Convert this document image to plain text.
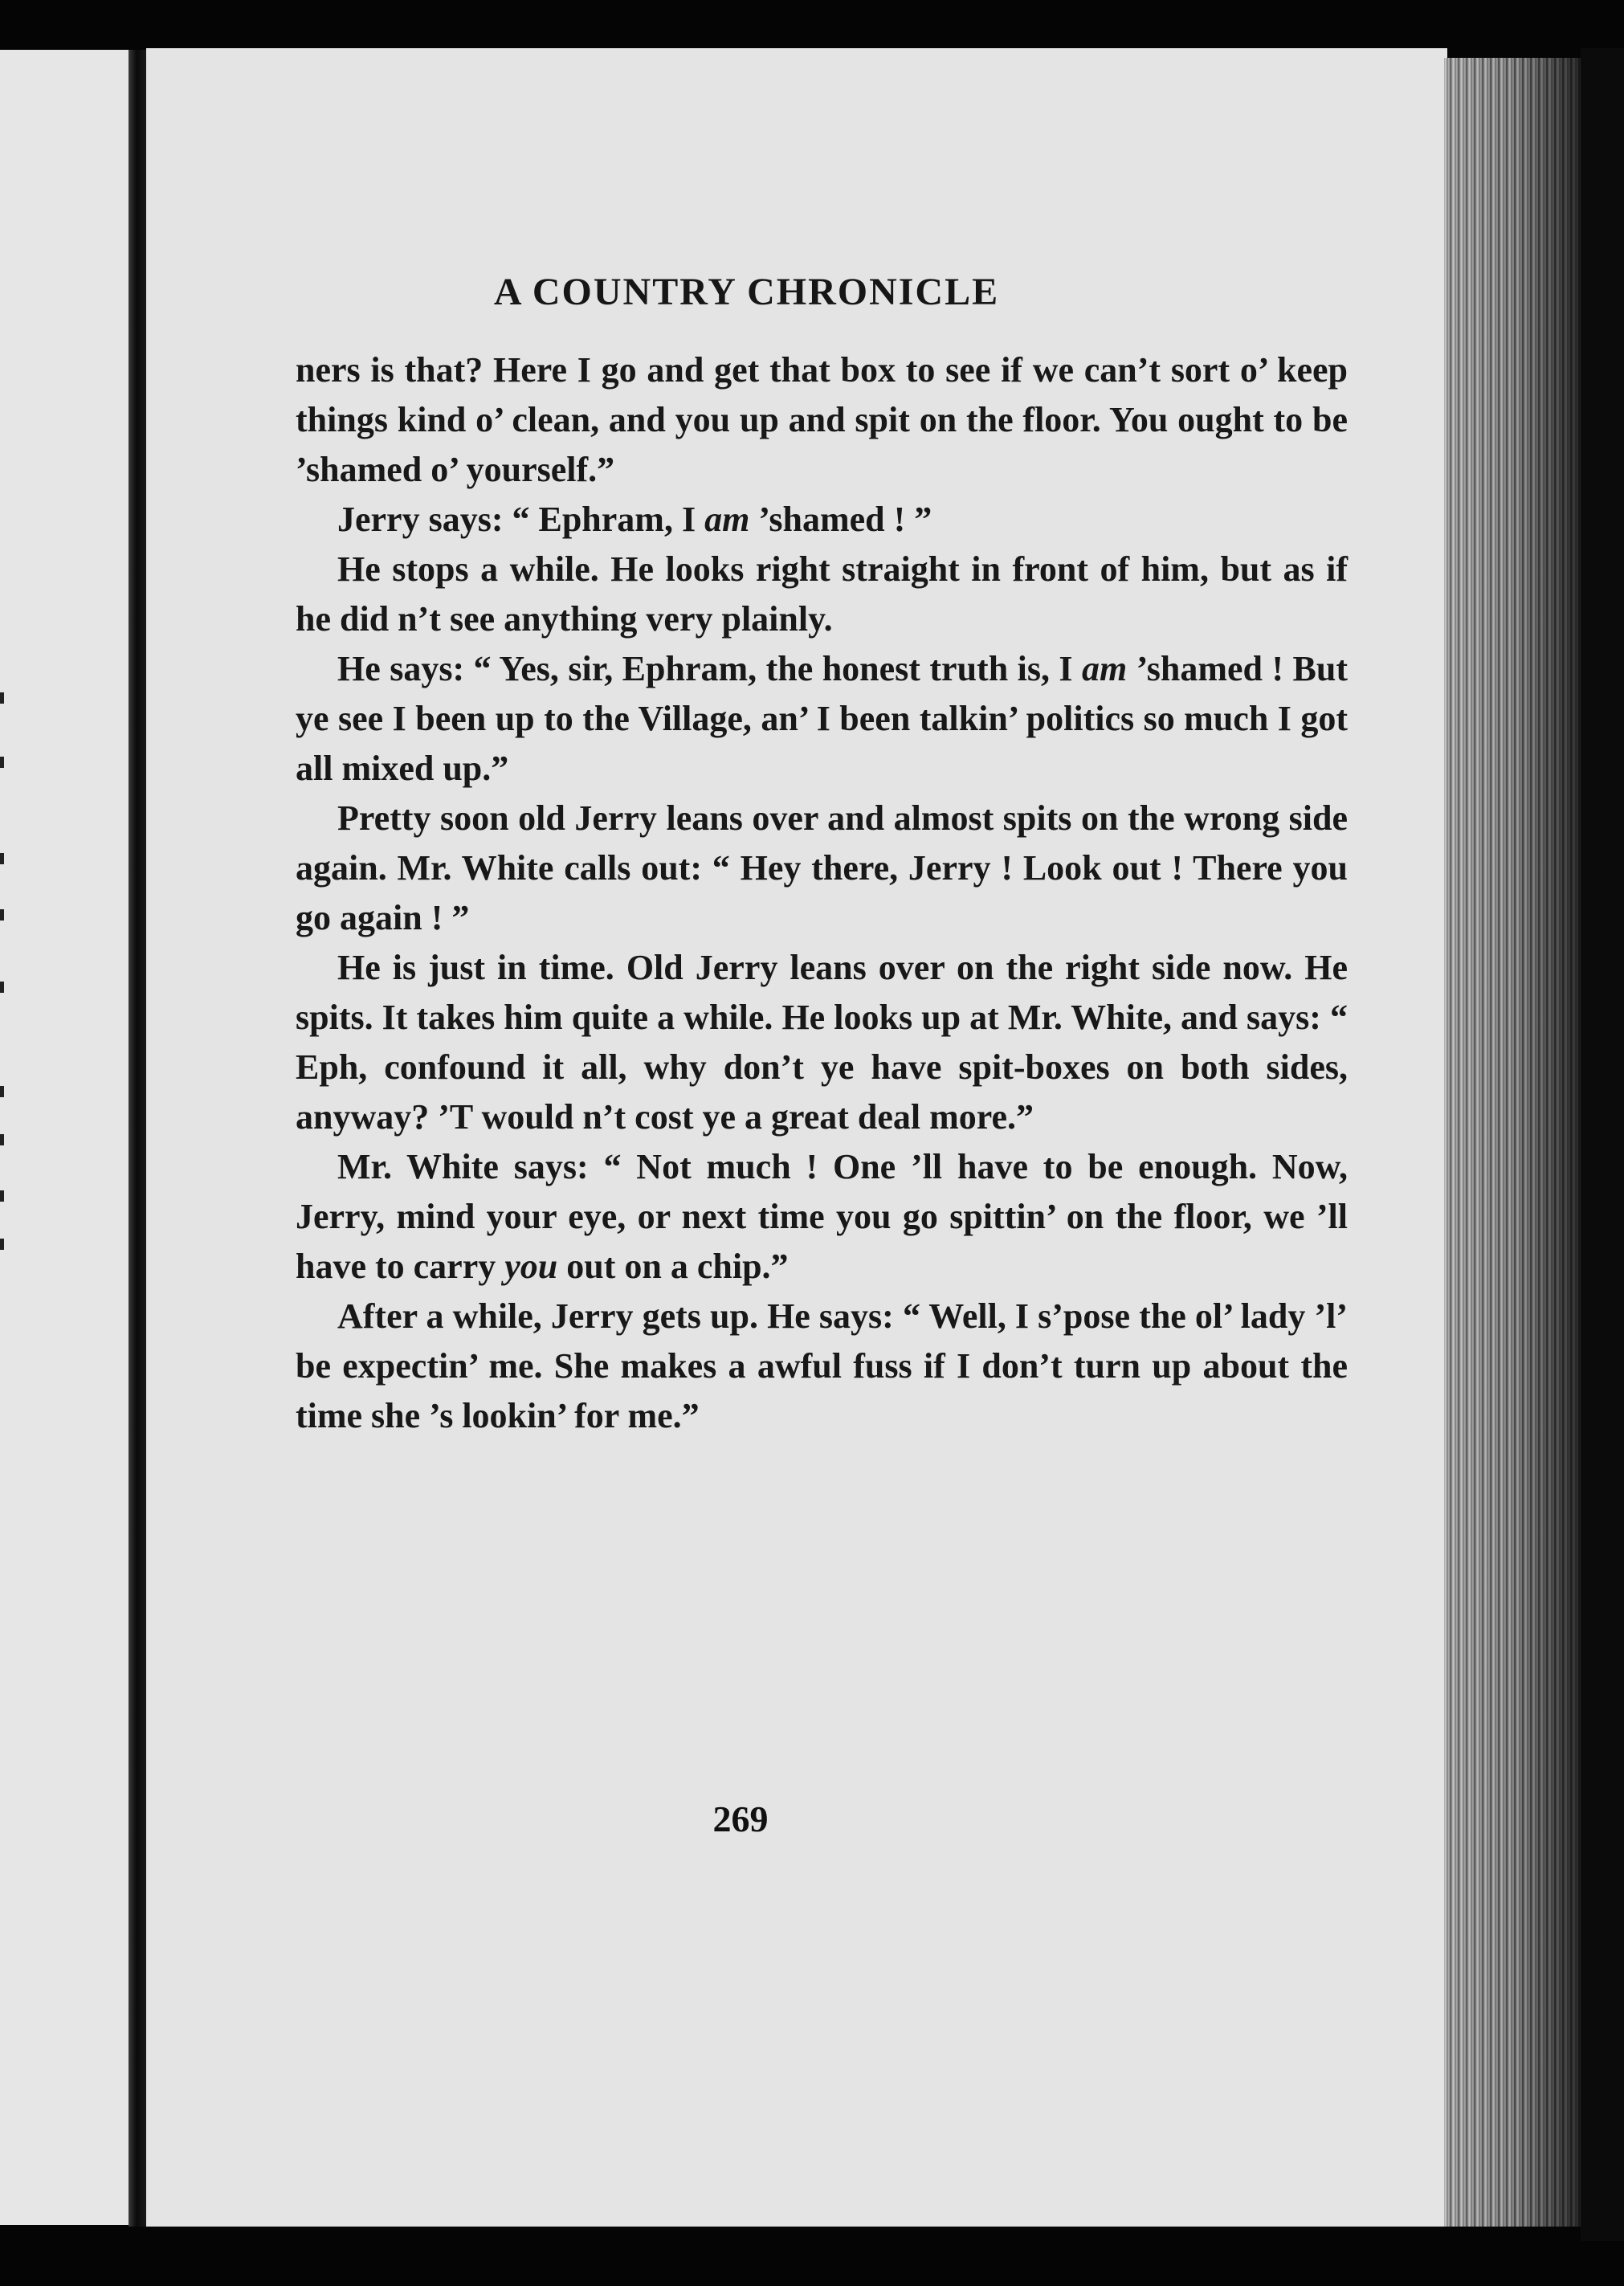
A COUNTRY CHRONICLE

ners is that? Here I go and get that box to see if we can’t sort o’ keep things kind o’ clean, and you up and spit on the floor. You ought to be ’shamed o’ yourself.”

Jerry says: “ Ephram, I am ’shamed ! ”

He stops a while. He looks right straight in front of him, but as if he did n’t see anything very plainly.

He says: “ Yes, sir, Ephram, the honest truth is, I am ’shamed ! But ye see I been up to the Village, an’ I been talkin’ politics so much I got all mixed up.”

Pretty soon old Jerry leans over and almost spits on the wrong side again. Mr. White calls out: “ Hey there, Jerry ! Look out ! There you go again ! ”

He is just in time. Old Jerry leans over on the right side now. He spits. It takes him quite a while. He looks up at Mr. White, and says: “ Eph, confound it all, why don’t ye have spit-boxes on both sides, anyway? ’T would n’t cost ye a great deal more.”

Mr. White says: “ Not much ! One ’ll have to be enough. Now, Jerry, mind your eye, or next time you go spittin’ on the floor, we ’ll have to carry you out on a chip.”

After a while, Jerry gets up. He says: “ Well, I s’pose the ol’ lady ’l’ be expectin’ me. She makes a awful fuss if I don’t turn up about the time she ’s lookin’ for me.”

269
